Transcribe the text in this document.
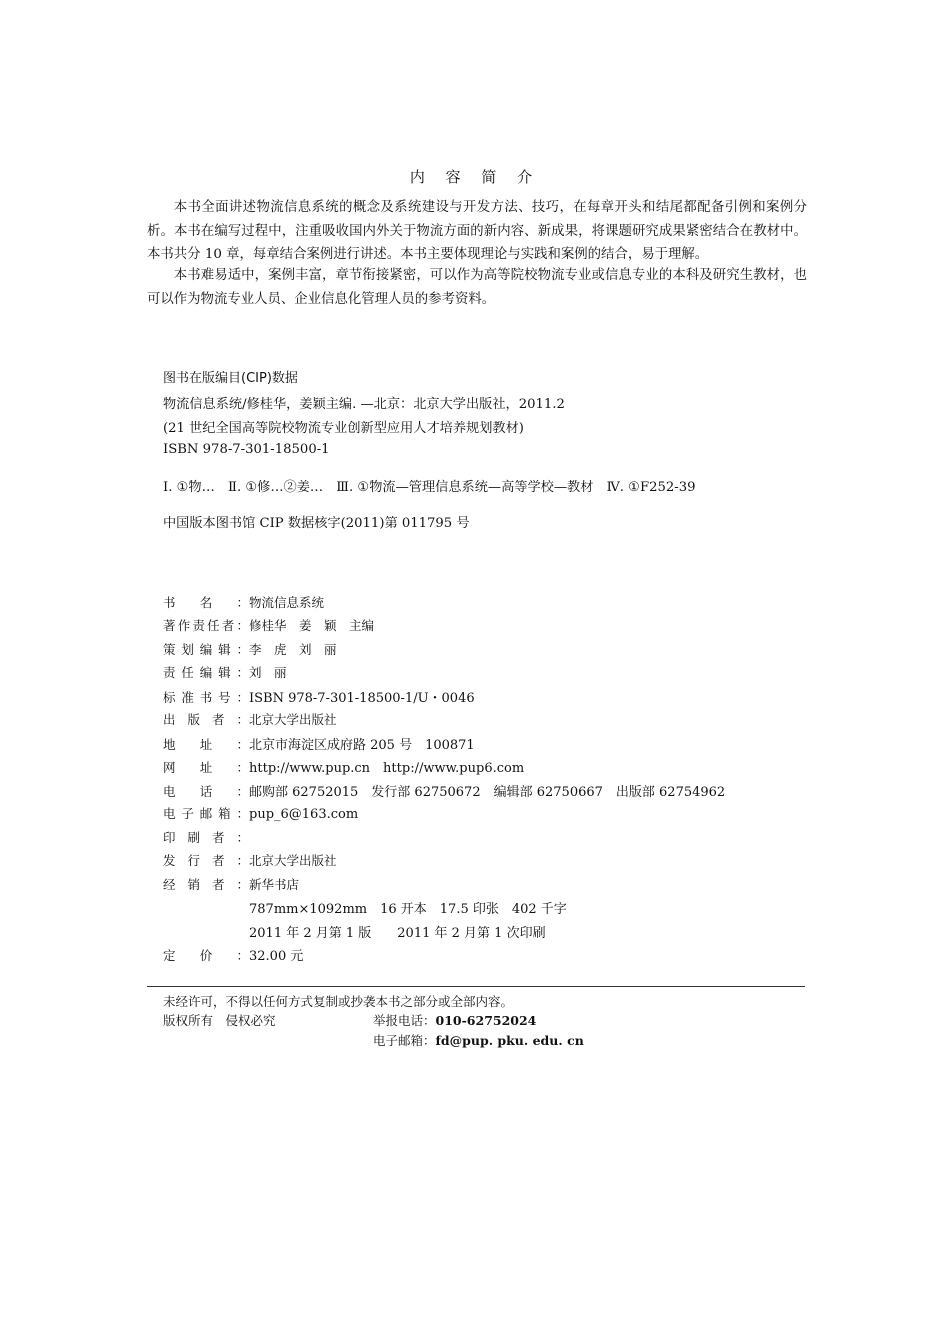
内 容 简 介

本书全面讲述物流信息系统的概念及系统建设与开发方法、技巧，在每章开头和结尾都配备引例和案例分析。本书在编写过程中，注重吸收国内外关于物流方面的新内容、新成果，将课题研究成果紧密结合在教材中。本书共分 10 章，每章结合案例进行讲述。本书主要体现理论与实践和案例的结合，易于理解。

本书难易适中，案例丰富，章节衔接紧密，可以作为高等院校物流专业或信息专业的本科及研究生教材，也可以作为物流专业人员、企业信息化管理人员的参考资料。

图书在版编目(CIP)数据
物流信息系统/修桂华，姜颖主编. —北京：北京大学出版社，2011.2
(21 世纪全国高等院校物流专业创新型应用人才培养规划教材)
ISBN 978-7-301-18500-1
Ⅰ. ①物…　Ⅱ. ①修…②姜…　Ⅲ. ①物流—管理信息系统—高等学校—教材　Ⅳ. ①F252-39
中国版本图书馆 CIP 数据核字(2011)第 011795 号
书名：物流信息系统
著作责任者：修桂华　姜　颖　主编
策划编辑：李　虎　刘　丽
责任编辑：刘　丽
标准书号：ISBN 978-7-301-18500-1/U・0046
出版者：北京大学出版社
地址：北京市海淀区成府路 205 号　100871
网址：http://www.pup.cn　http://www.pup6.com
电话：邮购部 62752015　发行部 62750672　编辑部 62750667　出版部 62754962
电子邮箱：pup_6@163.com
印刷者：
发行者：北京大学出版社
经销者：新华书店
787mm×1092mm　16 开本　17.5 印张　402 千字
2011 年 2 月第 1 版　　2011 年 2 月第 1 次印刷
定价：32.00 元
未经许可，不得以任何方式复制或抄袭本书之部分或全部内容。
版权所有　侵权必究	举报电话：010-62752024
电子邮箱：fd@pup. pku. edu. cn
